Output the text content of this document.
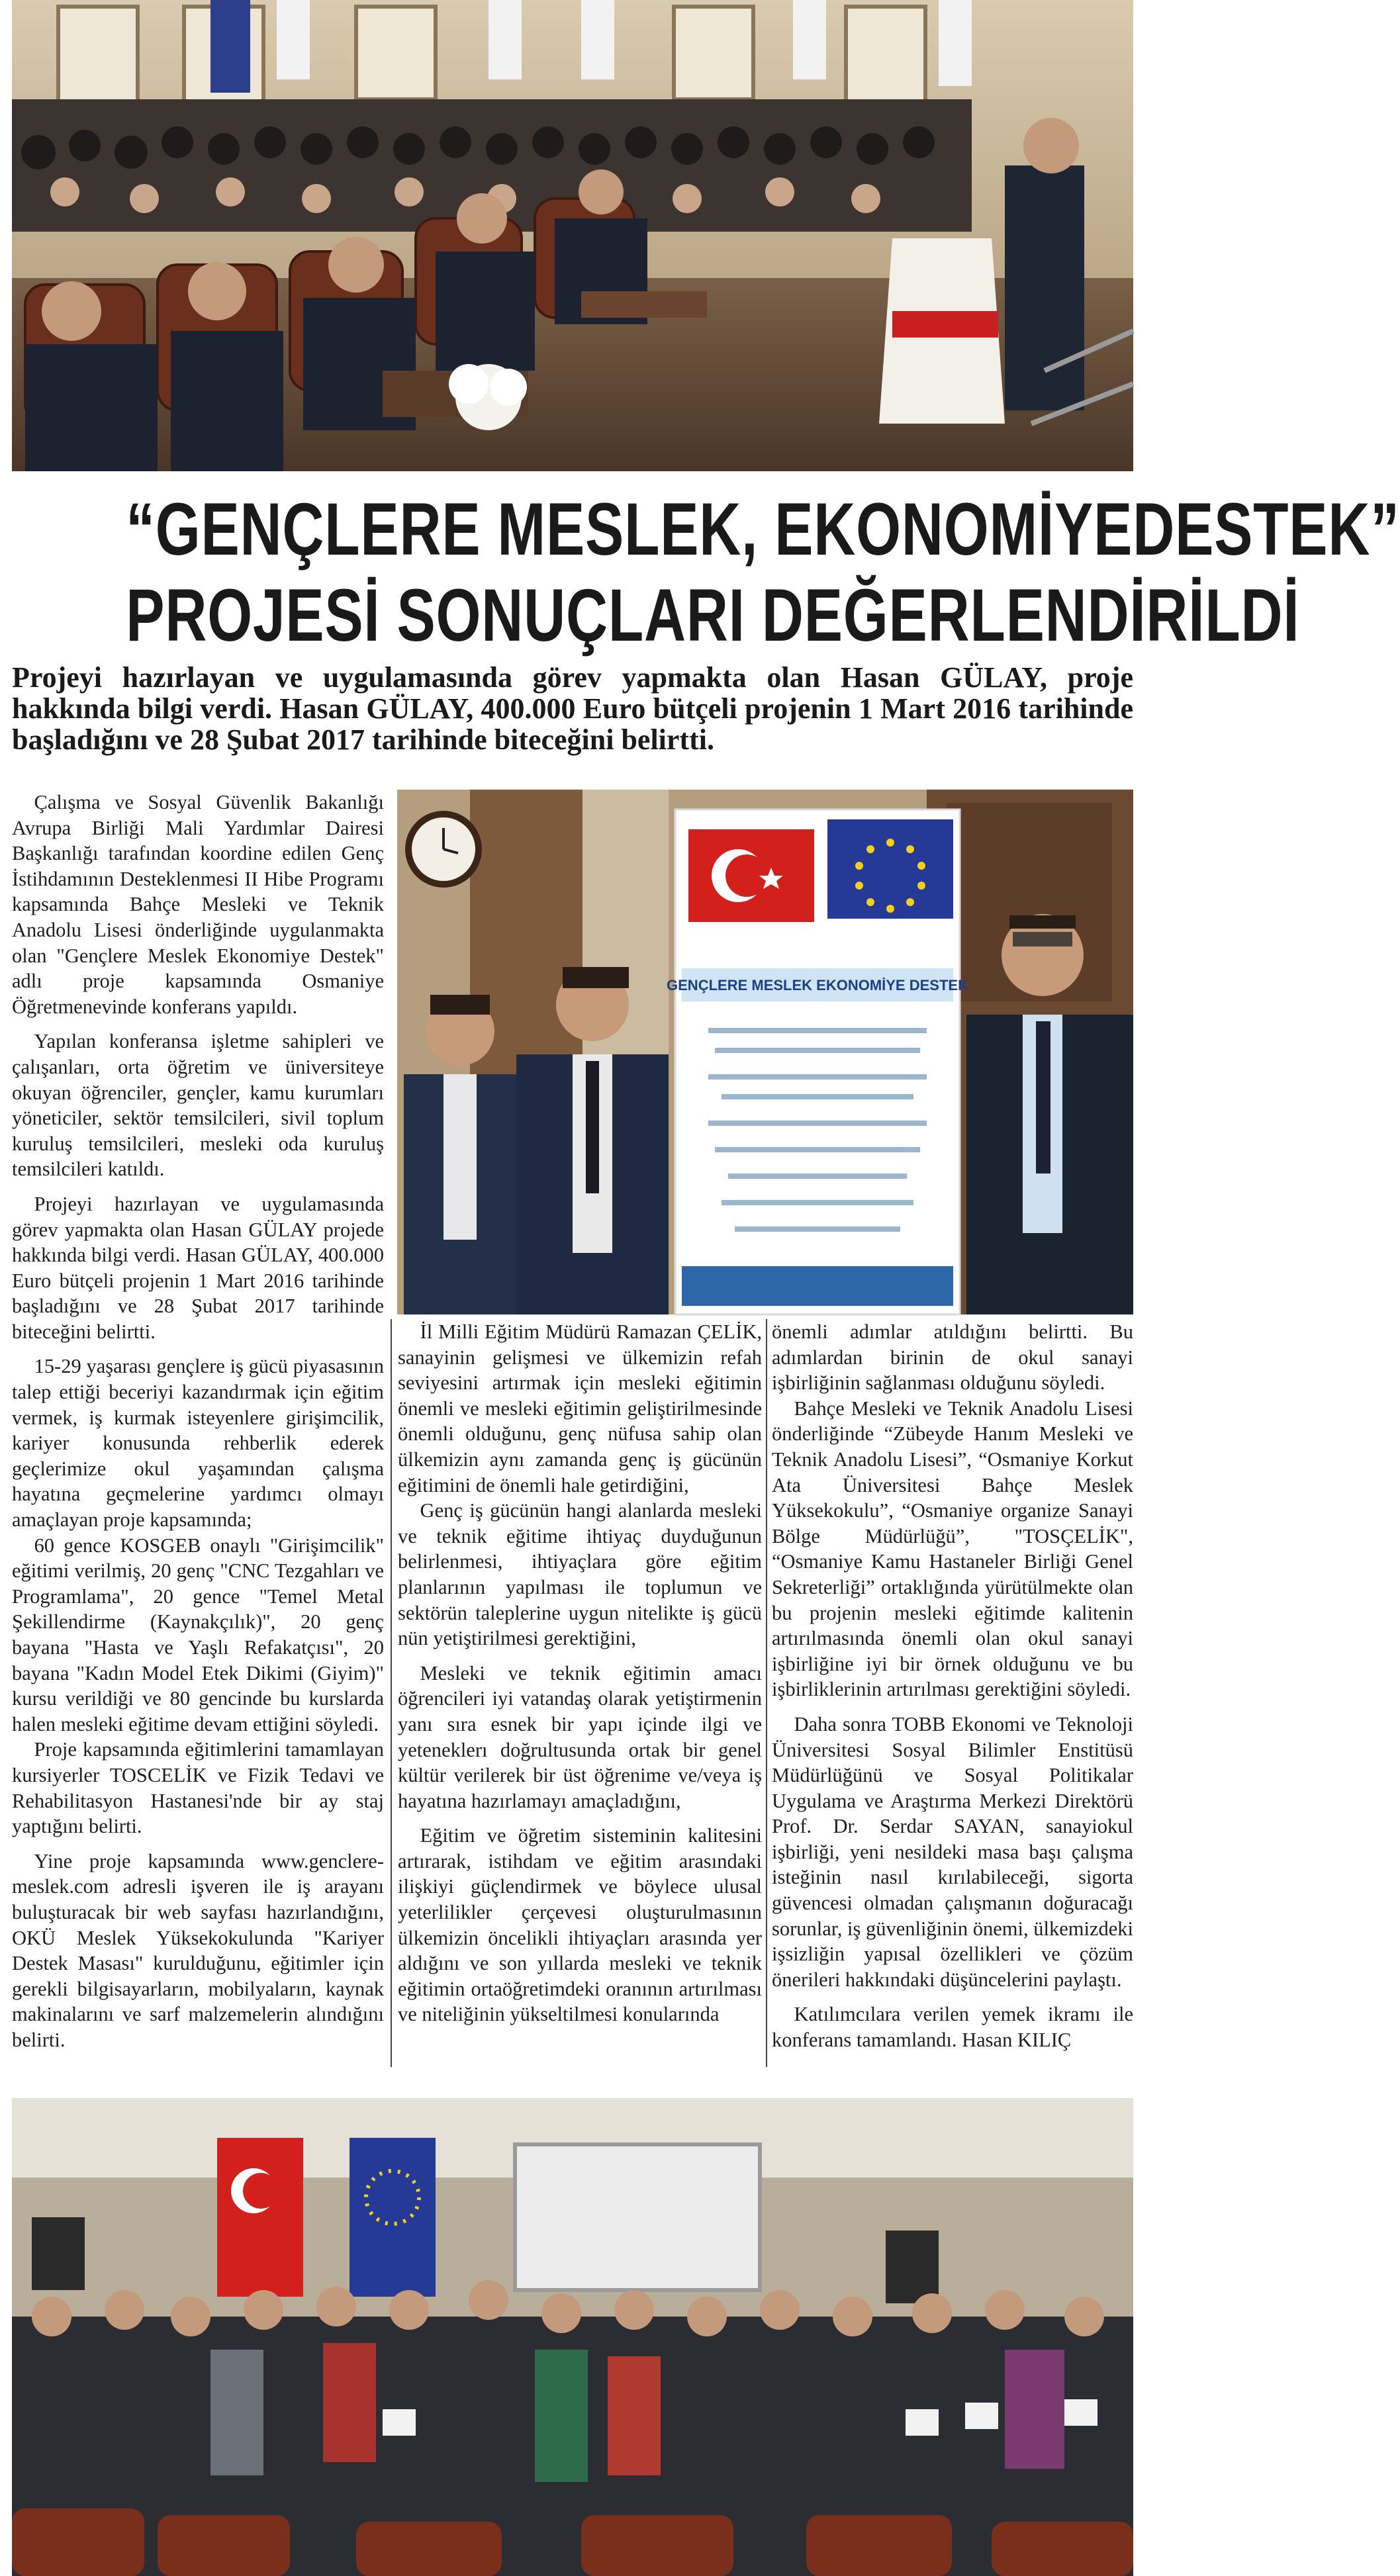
“GENÇLERE MESLEK, EKONOMİYEDESTEK”
PROJESİ SONUÇLARI DEĞERLENDİRİLDİ

Projeyi hazırlayan ve uygulamasında görev yapmakta olan Hasan GÜLAY, proje hakkında bilgi verdi. Hasan GÜLAY, 400.000 Euro bütçeli projenin 1 Mart 2016 tarihinde başladığını ve 28 Şubat 2017 tarihinde biteceğini belirtti.

GENÇLERE MESLEK EKONOMİYE DESTEK

Çalışma ve Sosyal Güvenlik Bakanlığı Avrupa Birliği Mali Yardımlar Dairesi Başkanlığı tarafından koordine edilen Genç İstihdamının Desteklenmesi II Hibe Programı kapsamında Bahçe Mesleki ve Teknik Anadolu Lisesi önderliğinde uygulanmakta olan "Gençlere Meslek Ekonomiye Destek" adlı proje kapsamında Osmaniye Öğretmenevinde konferans yapıldı.

Yapılan konferansa işletme sahipleri ve çalışanları, orta öğretim ve üniversiteye okuyan öğrenciler, gençler, kamu kurumları yöneticiler, sektör temsilcileri, sivil toplum kuruluş temsilcileri, mesleki oda kuruluş temsilcileri katıldı.

Projeyi hazırlayan ve uygulamasında görev yapmakta olan Hasan GÜLAY projede hakkında bilgi verdi. Hasan GÜLAY, 400.000 Euro bütçeli projenin 1 Mart 2016 tarihinde başladığını ve 28 Şubat 2017 tarihinde biteceğini belirtti.

15-29 yaşarası gençlere iş gücü piyasasının talep ettiği beceriyi kazandırmak için eğitim vermek, iş kurmak isteyenlere girişimcilik, kariyer konusunda rehberlik ederek geçlerimize okul yaşamından çalışma hayatına geçmelerine yardımcı olmayı amaçlayan proje kapsamında;

60 gence KOSGEB onaylı "Girişimcilik" eğitimi verilmiş, 20 genç "CNC Tezgahları ve Programlama", 20 gence "Temel Metal Şekillendirme (Kaynakçılık)", 20 genç bayana "Hasta ve Yaşlı Refakatçısı", 20 bayana "Kadın Model Etek Dikimi (Giyim)" kursu verildiği ve 80 gencinde bu kurslarda halen mesleki eğitime devam ettiğini söyledi.

Proje kapsamında eğitimlerini tamamlayan kursiyerler TOSCELİK ve Fizik Tedavi ve Rehabilitasyon Hastanesi'nde bir ay staj yaptığını belirti.

Yine proje kapsamında www.genclere-meslek.com adresli işveren ile iş arayanı buluşturacak bir web sayfası hazırlandığını, OKÜ Meslek Yüksekokulunda "Kariyer Destek Masası" kurulduğunu, eğitimler için gerekli bilgisayarların, mobilyaların, kaynak makinalarını ve sarf malzemelerin alındığını belirti.

İl Milli Eğitim Müdürü Ramazan ÇELİK, sanayinin gelişmesi ve ülkemizin refah seviyesini artırmak için mesleki eğitimin önemli ve mesleki eğitimin geliştirilmesinde önemli olduğunu, genç nüfusa sahip olan ülkemizin aynı zamanda genç iş gücünün eğitimini de önemli hale getirdiğini,

Genç iş gücünün hangi alanlarda mesleki ve teknik eğitime ihtiyaç duyduğunun belirlenmesi, ihtiyaçlara göre eğitim planlarının yapılması ile toplumun ve sektörün taleplerine uygun nitelikte iş gücü nün yetiştirilmesi gerektiğini,

Mesleki ve teknik eğitimin amacı öğrencileri iyi vatandaş olarak yetiştirmenin yanı sıra esnek bir yapı içinde ilgi ve yeteneklerı doğrultusunda ortak bir genel kültür verilerek bir üst öğrenime ve/veya iş hayatına hazırlamayı amaçladığını,

Eğitim ve öğretim sisteminin kalitesini artırarak, istihdam ve eğitim arasındaki ilişkiyi güçlendirmek ve böylece ulusal yeterlilikler çerçevesi oluşturulmasının ülkemizin öncelikli ihtiyaçları arasında yer aldığını ve son yıllarda mesleki ve teknik eğitimin ortaöğretimdeki oranının artırılması ve niteliğinin yükseltilmesi konularında

önemli adımlar atıldığını belirtti. Bu adımlardan birinin de okul sanayi işbirliğinin sağlanması olduğunu söyledi.

Bahçe Mesleki ve Teknik Anadolu Lisesi önderliğinde “Zübeyde Hanım Mesleki ve Teknik Anadolu Lisesi”, “Osmaniye Korkut Ata Üniversitesi Bahçe Meslek Yüksekokulu”, “Osmaniye organize Sanayi Bölge Müdürlüğü”, "TOSÇELİK", “Osmaniye Kamu Hastaneler Birliği Genel Sekreterliği” ortaklığında yürütülmekte olan bu projenin mesleki eğitimde kalitenin artırılmasında önemli olan okul sanayi işbirliğine iyi bir örnek olduğunu ve bu işbirliklerinin artırılması gerektiğini söyledi.

Daha sonra TOBB Ekonomi ve Teknoloji Üniversitesi Sosyal Bilimler Enstitüsü Müdürlüğünü ve Sosyal Politikalar Uygulama ve Araştırma Merkezi Direktörü Prof. Dr. Serdar SAYAN, sanayiokul işbirliği, yeni nesildeki masa başı çalışma isteğinin nasıl kırılabileceği, sigorta güvencesi olmadan çalışmanın doğuracağı sorunlar, iş güvenliğinin önemi, ülkemizdeki işsizliğin yapısal özellikleri ve çözüm önerileri hakkındaki düşüncelerini paylaştı.

Katılımcılara verilen yemek ikramı ile konferans tamamlandı. Hasan KILIÇ
